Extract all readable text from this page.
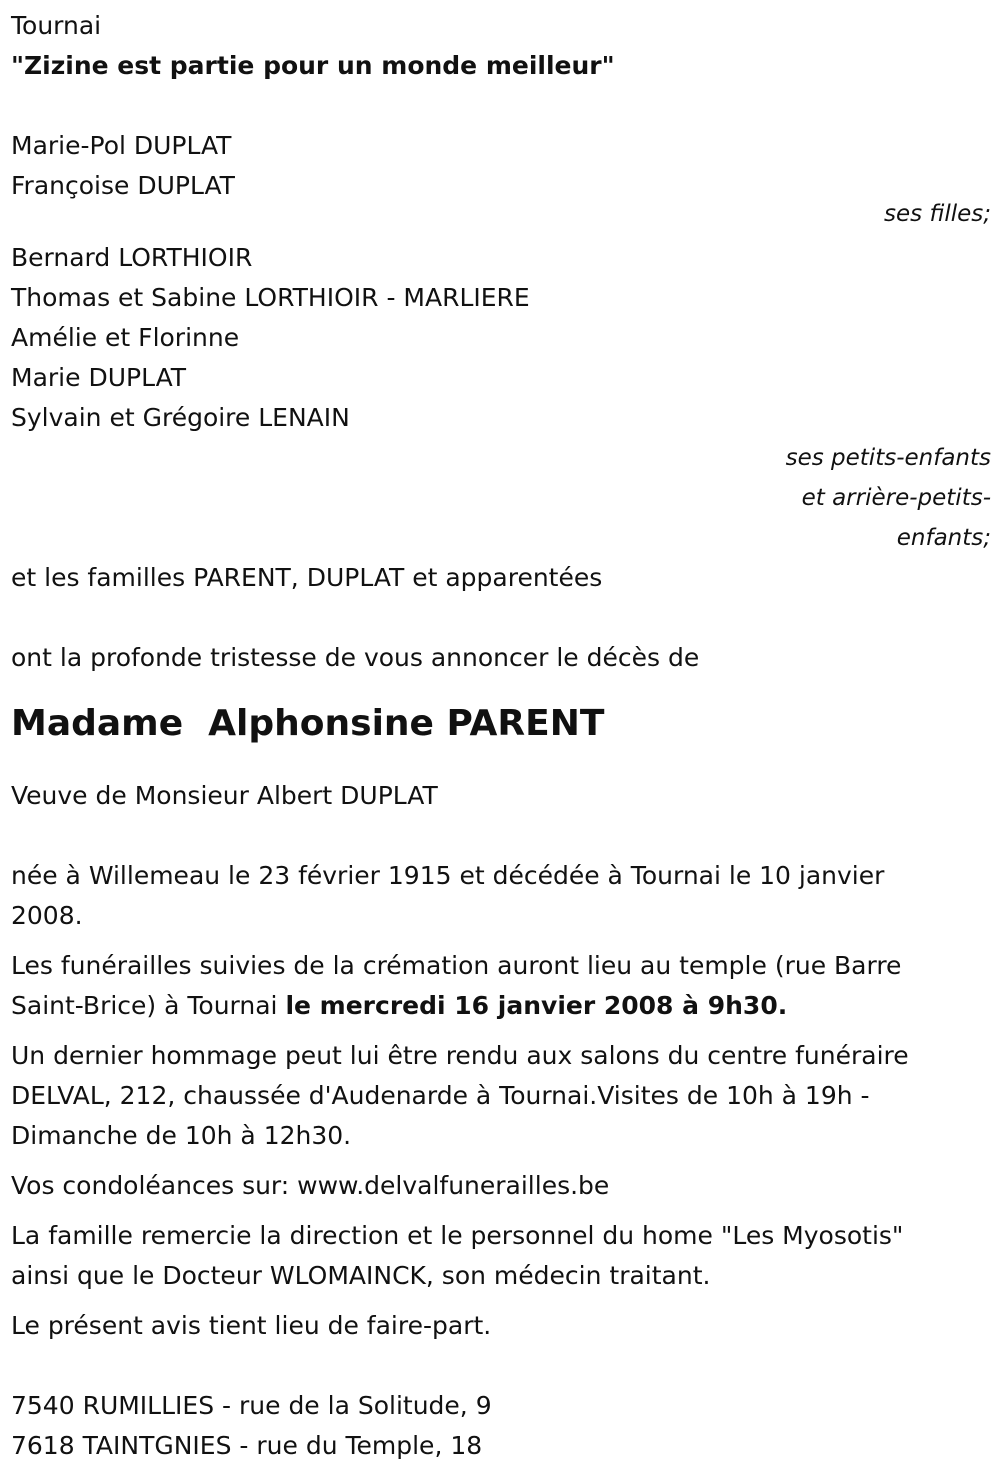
Tournai

"Zizine est partie pour un monde meilleur"

Marie-Pol DUPLAT

Françoise DUPLAT

ses filles;

Bernard LORTHIOIR

Thomas et Sabine LORTHIOIR - MARLIERE

Amélie et Florinne

Marie DUPLAT

Sylvain et Grégoire LENAIN

ses petits-enfants

et arrière-petits-

enfants;

et les familles PARENT, DUPLAT et apparentées

ont la profonde tristesse de vous annoncer le décès de

Madame  Alphonsine PARENT

Veuve de Monsieur Albert DUPLAT

née à Willemeau le 23 février 1915 et décédée à Tournai le 10 janvier
2008.

Les funérailles suivies de la crémation auront lieu au temple (rue Barre
Saint-Brice) à Tournai le mercredi 16 janvier 2008 à 9h30.

Un dernier hommage peut lui être rendu aux salons du centre funéraire
DELVAL, 212, chaussée d'Audenarde à Tournai.Visites de 10h à 19h -
Dimanche de 10h à 12h30.

Vos condoléances sur: www.delvalfunerailles.be

La famille remercie la direction et le personnel du home "Les Myosotis"
ainsi que le Docteur WLOMAINCK, son médecin traitant.

Le présent avis tient lieu de faire-part.

7540 RUMILLIES - rue de la Solitude, 9

7618 TAINTGNIES - rue du Temple, 18
